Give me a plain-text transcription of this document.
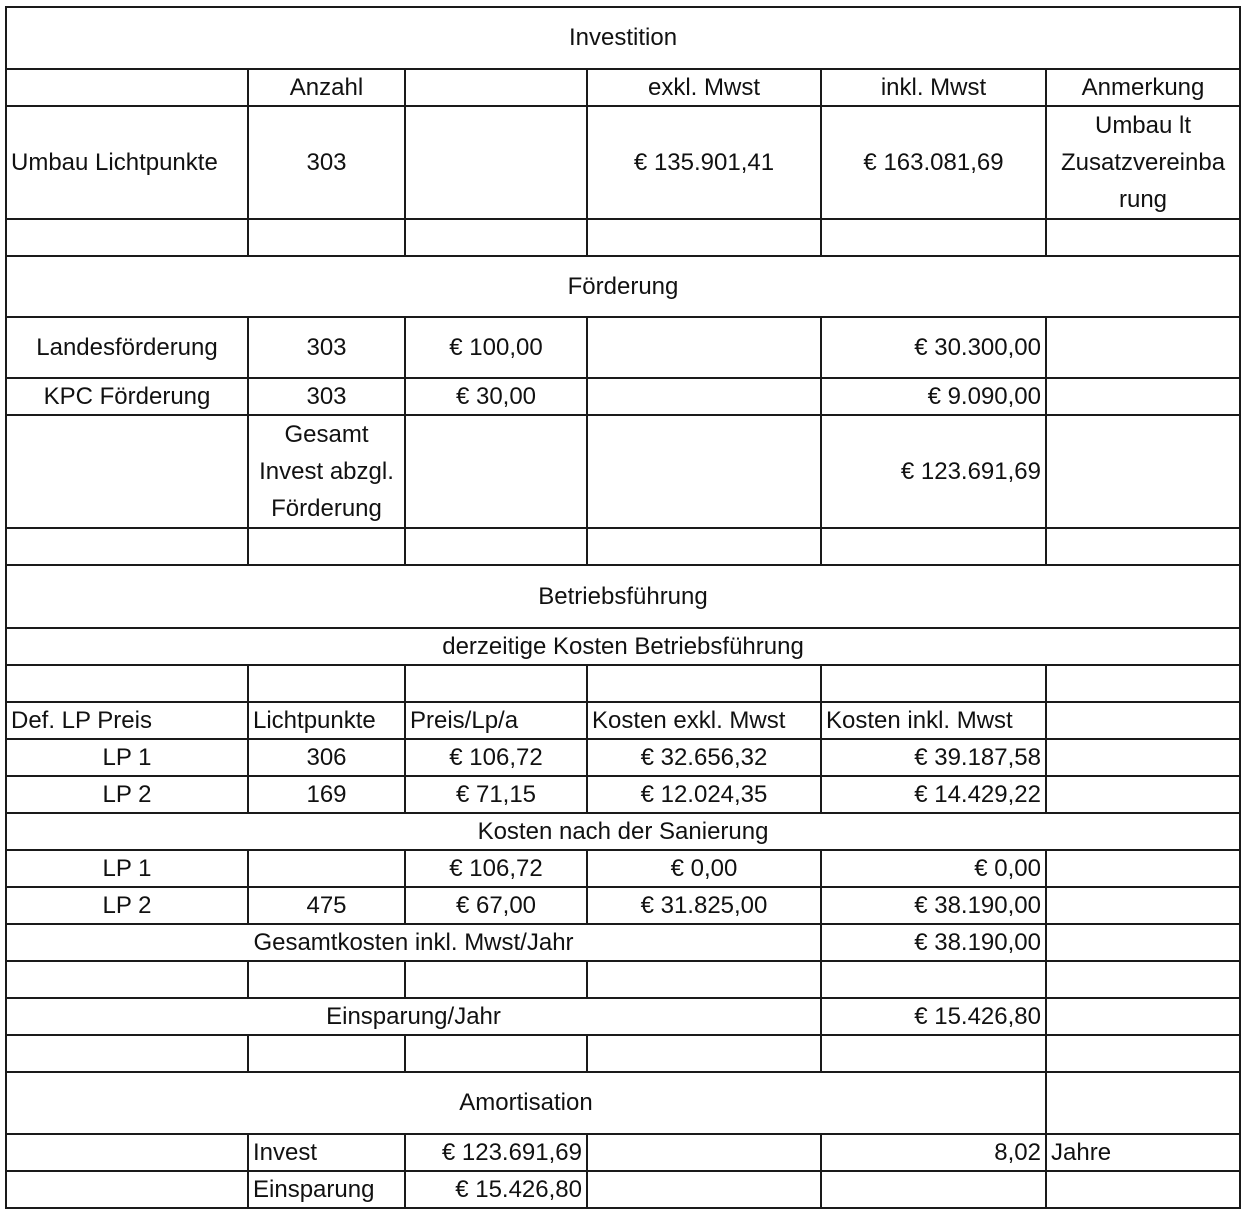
Investition					
	Anzahl		exkl. Mwst	inkl. Mwst	Anmerkung
Umbau Lichtpunkte	303		€ 135.901,41	€ 163.081,69	Umbau lt Zusatzvereinba rung

Förderung					
Landesförderung	303	€ 100,00		€ 30.300,00	
KPC Förderung	303	€ 30,00		€ 9.090,00	
	Gesamt Invest abzgl. Förderung			€ 123.691,69	

Betriebsführung					
derzeitige Kosten Betriebsführung					

Def. LP Preis	Lichtpunkte	Preis/Lp/a	Kosten exkl. Mwst	Kosten inkl. Mwst	
LP 1	306	€ 106,72	€ 32.656,32	€ 39.187,58	
LP 2	169	€ 71,15	€ 12.024,35	€ 14.429,22	
Kosten nach der Sanierung					
LP 1		€ 106,72	€ 0,00	€ 0,00	
LP 2	475	€ 67,00	€ 31.825,00	€ 38.190,00	
Gesamtkosten inkl. Mwst/Jahr				€ 38.190,00	

Einsparung/Jahr				€ 15.426,80	

Amortisation					
	Invest	€ 123.691,69		8,02	Jahre
	Einsparung	€ 15.426,80			
